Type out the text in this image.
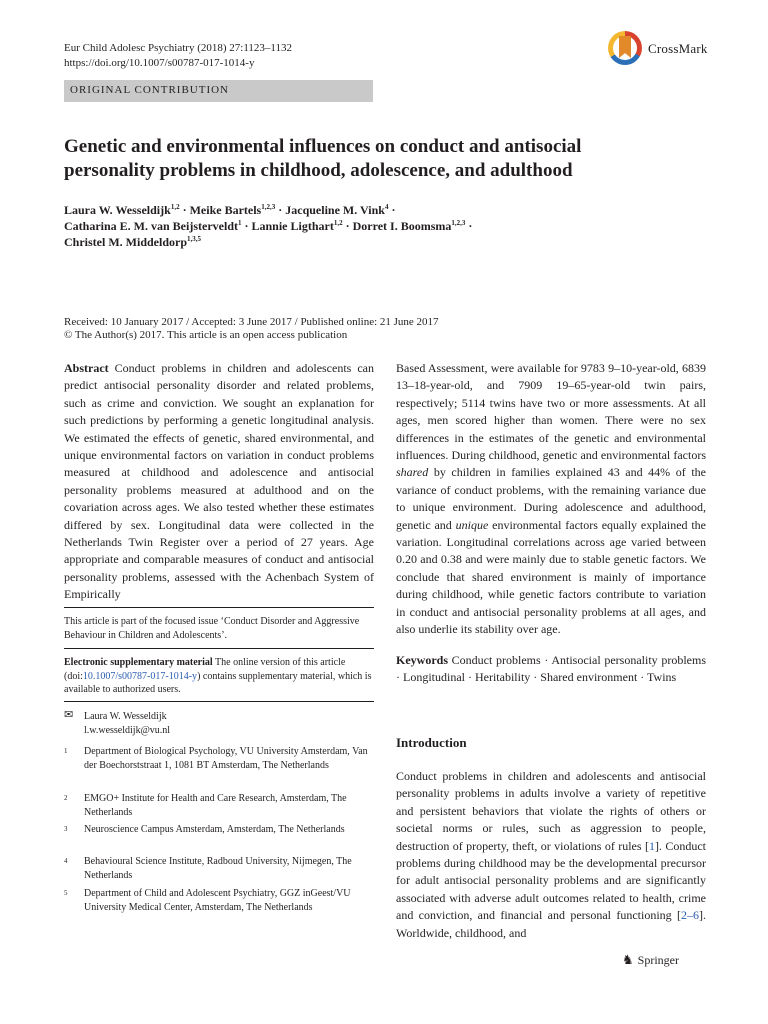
Eur Child Adolesc Psychiatry (2018) 27:1123–1132
https://doi.org/10.1007/s00787-017-1014-y
CrossMark
ORIGINAL CONTRIBUTION
Genetic and environmental influences on conduct and antisocial
personality problems in childhood, adolescence, and adulthood
Laura W. Wesseldijk$^{1,2}$ · Meike Bartels$^{1,2,3}$ · Jacqueline M. Vink$^4$ ·
Catharina E. M. van Beijsterveldt$^1$ · Lannie Ligthart$^{1,2}$ · Dorret I. Boomsma$^{1,2,3}$ ·
Christel M. Middeldorp$^{1,3,5}$
Received: 10 January 2017 / Accepted: 3 June 2017 / Published online: 21 June 2017
© The Author(s) 2017. This article is an open access publication
Abstract Conduct problems in children and adolescents can predict antisocial personality disorder and related problems, such as crime and conviction. We sought an explanation for such predictions by performing a genetic longitudinal analysis. We estimated the effects of genetic, shared environmental, and unique environmental factors on variation in conduct problems measured at childhood and adolescence and antisocial personality problems measured at adulthood and on the covariation across ages. We also tested whether these estimates differed by sex. Longitudinal data were collected in the Netherlands Twin Register over a period of 27 years. Age appropriate and comparable measures of conduct and antisocial personality problems, assessed with the Achenbach System of Empirically
Based Assessment, were available for 9783 9–10-year-old, 6839 13–18-year-old, and 7909 19–65-year-old twin pairs, respectively; 5114 twins have two or more assessments. At all ages, men scored higher than women. There were no sex differences in the estimates of the genetic and environmental influences. During childhood, genetic and environmental factors shared by children in families explained 43 and 44% of the variance of conduct problems, with the remaining variance due to unique environment. During adolescence and adulthood, genetic and unique environmental factors equally explained the variation. Longitudinal correlations across age varied between 0.20 and 0.38 and were mainly due to stable genetic factors. We conclude that shared environment is mainly of importance during childhood, while genetic factors contribute to variation in conduct and antisocial personality problems at all ages, and also underlie its stability over age.
Keywords Conduct problems · Antisocial personality problems · Longitudinal · Heritability · Shared environment · Twins
This article is part of the focused issue ‘Conduct Disorder and Aggressive Behaviour in Children and Adolescents’.
Electronic supplementary material The online version of this article (doi:10.1007/s00787-017-1014-y) contains supplementary material, which is available to authorized users.
✉ Laura W. Wesseldijk
l.w.wesseldijk@vu.nl
1 Department of Biological Psychology, VU University Amsterdam, Van der Boechorststraat 1, 1081 BT Amsterdam, The Netherlands
2 EMGO+ Institute for Health and Care Research, Amsterdam, The Netherlands
3 Neuroscience Campus Amsterdam, Amsterdam, The Netherlands
4 Behavioural Science Institute, Radboud University, Nijmegen, The Netherlands
5 Department of Child and Adolescent Psychiatry, GGZ inGeest/VU University Medical Center, Amsterdam, The Netherlands
Introduction
Conduct problems in children and adolescents and antisocial personality problems in adults involve a variety of repetitive and persistent behaviors that violate the rights of others or societal norms or rules, such as aggression to people, destruction of property, theft, or violations of rules [1]. Conduct problems during childhood may be the developmental precursor for adult antisocial personality problems and are significantly associated with adverse adult outcomes related to health, crime and conviction, and financial and personal functioning [2–6]. Worldwide, childhood, and
♞ Springer
